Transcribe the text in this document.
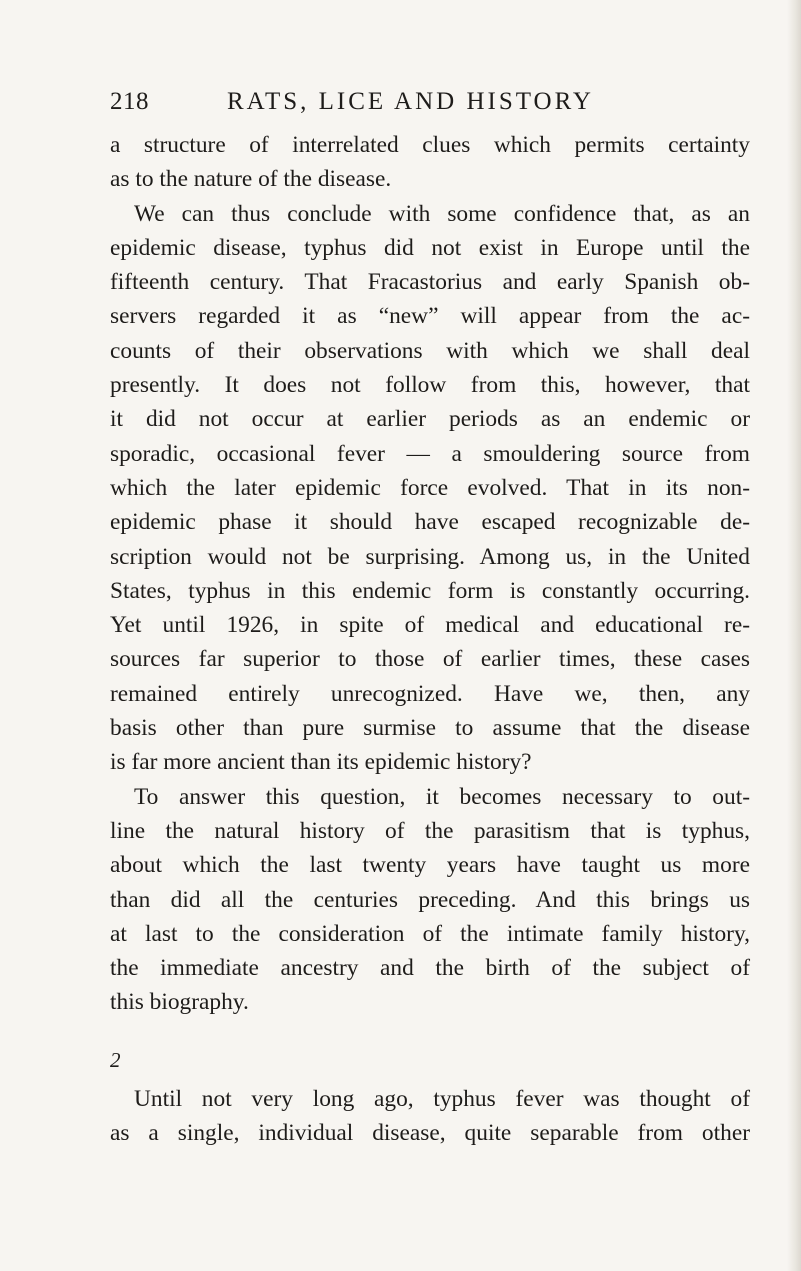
218	RATS, LICE AND HISTORY
a structure of interrelated clues which permits certainty
as to the nature of the disease.
We can thus conclude with some confidence that, as an
epidemic disease, typhus did not exist in Europe until the
fifteenth century. That Fracastorius and early Spanish ob-
servers regarded it as “new” will appear from the ac-
counts of their observations with which we shall deal
presently. It does not follow from this, however, that
it did not occur at earlier periods as an endemic or
sporadic, occasional fever — a smouldering source from
which the later epidemic force evolved. That in its non-
epidemic phase it should have escaped recognizable de-
scription would not be surprising. Among us, in the United
States, typhus in this endemic form is constantly occurring.
Yet until 1926, in spite of medical and educational re-
sources far superior to those of earlier times, these cases
remained entirely unrecognized. Have we, then, any
basis other than pure surmise to assume that the disease
is far more ancient than its epidemic history?
To answer this question, it becomes necessary to out-
line the natural history of the parasitism that is typhus,
about which the last twenty years have taught us more
than did all the centuries preceding. And this brings us
at last to the consideration of the intimate family history,
the immediate ancestry and the birth of the subject of
this biography.
2
Until not very long ago, typhus fever was thought of
as a single, individual disease, quite separable from other
